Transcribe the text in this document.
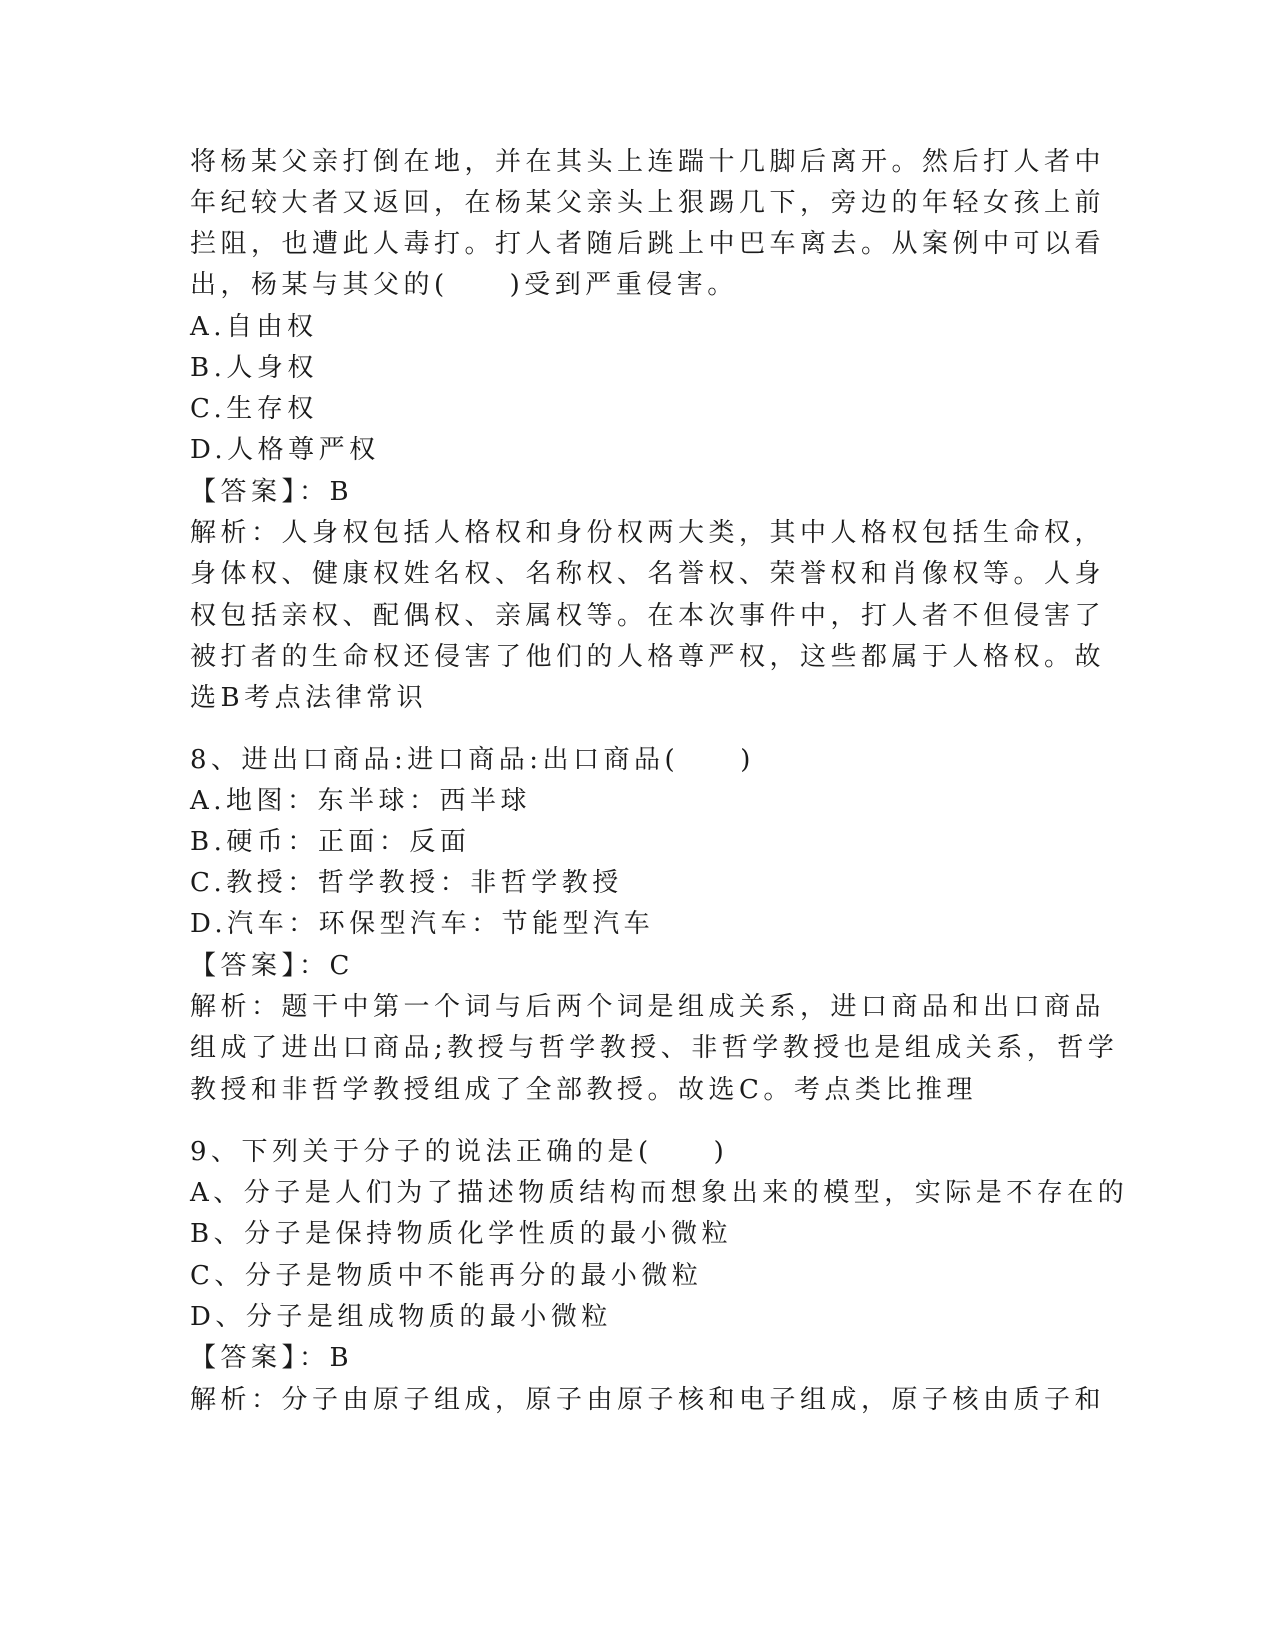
将杨某父亲打倒在地，并在其头上连踹十几脚后离开。然后打人者中
年纪较大者又返回，在杨某父亲头上狠踢几下，旁边的年轻女孩上前
拦阻，也遭此人毒打。打人者随后跳上中巴车离去。从案例中可以看
出，杨某与其父的(　　)受到严重侵害。
A.自由权
B.人身权
C.生存权
D.人格尊严权
【答案】：B
解析：人身权包括人格权和身份权两大类，其中人格权包括生命权，
身体权、健康权姓名权、名称权、名誉权、荣誉权和肖像权等。人身
权包括亲权、配偶权、亲属权等。在本次事件中，打人者不但侵害了
被打者的生命权还侵害了他们的人格尊严权，这些都属于人格权。故
选B考点法律常识
8、进出口商品:进口商品:出口商品(　　)
A.地图：东半球：西半球
B.硬币：正面：反面
C.教授：哲学教授：非哲学教授
D.汽车：环保型汽车：节能型汽车
【答案】：C
解析：题干中第一个词与后两个词是组成关系，进口商品和出口商品
组成了进出口商品;教授与哲学教授、非哲学教授也是组成关系，哲学
教授和非哲学教授组成了全部教授。故选C。考点类比推理
9、下列关于分子的说法正确的是(　　)
A、分子是人们为了描述物质结构而想象出来的模型，实际是不存在的
B、分子是保持物质化学性质的最小微粒
C、分子是物质中不能再分的最小微粒
D、分子是组成物质的最小微粒
【答案】：B
解析：分子由原子组成，原子由原子核和电子组成，原子核由质子和
